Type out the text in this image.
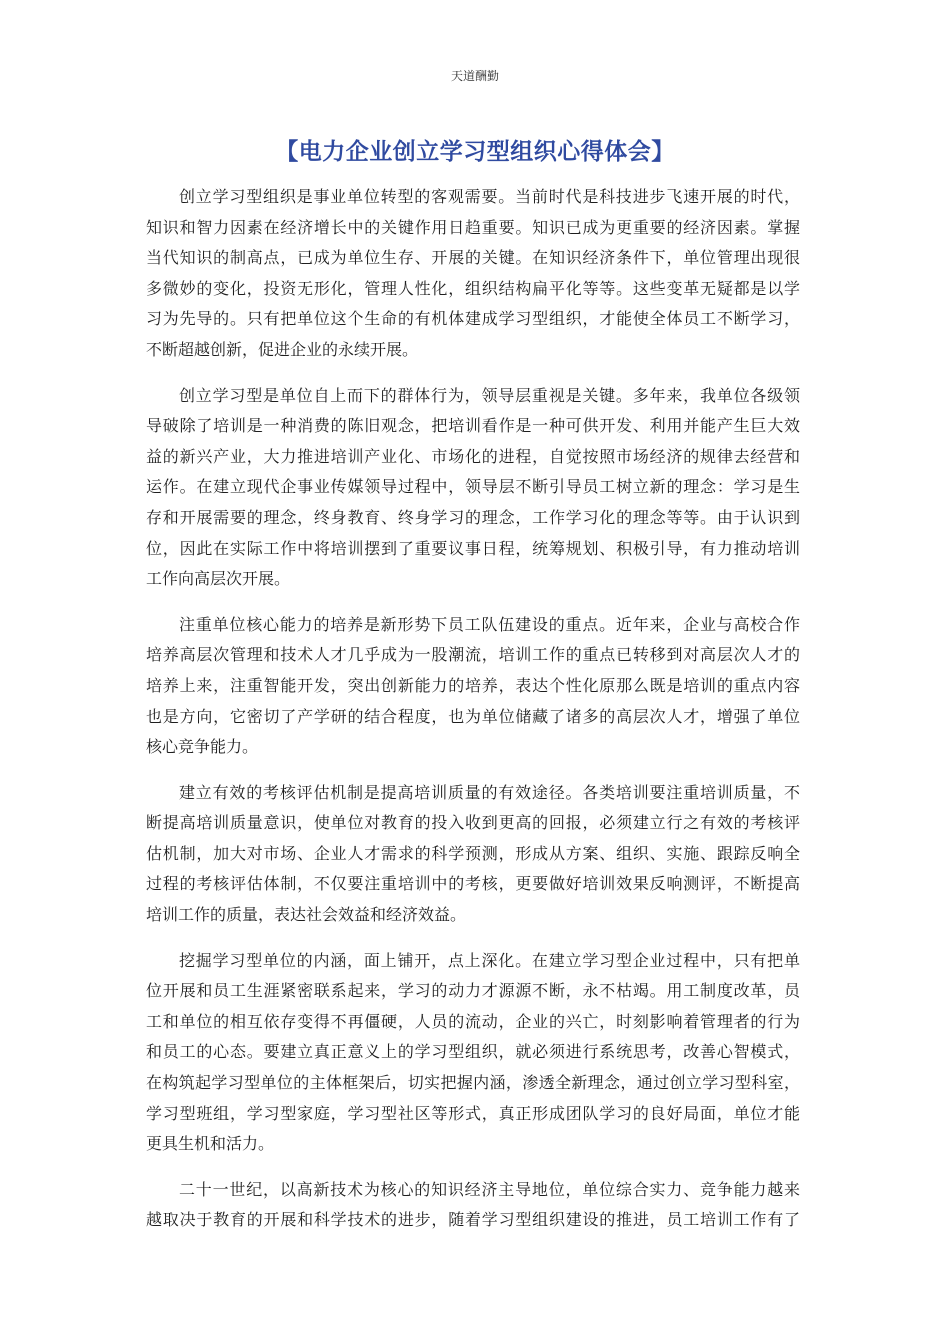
天道酬勤
【电力企业创立学习型组织心得体会】
创立学习型组织是事业单位转型的客观需要。当前时代是科技进步飞速开展的时代，
知识和智力因素在经济增长中的关键作用日趋重要。知识已成为更重要的经济因素。掌握
当代知识的制高点，已成为单位生存、开展的关键。在知识经济条件下，单位管理出现很
多微妙的变化，投资无形化，管理人性化，组织结构扁平化等等。这些变革无疑都是以学
习为先导的。只有把单位这个生命的有机体建成学习型组织，才能使全体员工不断学习，
不断超越创新，促进企业的永续开展。
创立学习型是单位自上而下的群体行为，领导层重视是关键。多年来，我单位各级领
导破除了培训是一种消费的陈旧观念，把培训看作是一种可供开发、利用并能产生巨大效
益的新兴产业，大力推进培训产业化、市场化的进程，自觉按照市场经济的规律去经营和
运作。在建立现代企事业传媒领导过程中，领导层不断引导员工树立新的理念：学习是生
存和开展需要的理念，终身教育、终身学习的理念，工作学习化的理念等等。由于认识到
位，因此在实际工作中将培训摆到了重要议事日程，统筹规划、积极引导，有力推动培训
工作向高层次开展。
注重单位核心能力的培养是新形势下员工队伍建设的重点。近年来，企业与高校合作
培养高层次管理和技术人才几乎成为一股潮流，培训工作的重点已转移到对高层次人才的
培养上来，注重智能开发，突出创新能力的培养，表达个性化原那么既是培训的重点内容
也是方向，它密切了产学研的结合程度，也为单位储藏了诸多的高层次人才，增强了单位
核心竞争能力。
建立有效的考核评估机制是提高培训质量的有效途径。各类培训要注重培训质量，不
断提高培训质量意识，使单位对教育的投入收到更高的回报，必须建立行之有效的考核评
估机制，加大对市场、企业人才需求的科学预测，形成从方案、组织、实施、跟踪反响全
过程的考核评估体制，不仅要注重培训中的考核，更要做好培训效果反响测评，不断提高
培训工作的质量，表达社会效益和经济效益。
挖掘学习型单位的内涵，面上铺开，点上深化。在建立学习型企业过程中，只有把单
位开展和员工生涯紧密联系起来，学习的动力才源源不断，永不枯竭。用工制度改革，员
工和单位的相互依存变得不再僵硬，人员的流动，企业的兴亡，时刻影响着管理者的行为
和员工的心态。要建立真正意义上的学习型组织，就必须进行系统思考，改善心智模式，
在构筑起学习型单位的主体框架后，切实把握内涵，渗透全新理念，通过创立学习型科室，
学习型班组，学习型家庭，学习型社区等形式，真正形成团队学习的良好局面，单位才能
更具生机和活力。
二十一世纪，以高新技术为核心的知识经济主导地位，单位综合实力、竞争能力越来
越取决于教育的开展和科学技术的进步，随着学习型组织建设的推进，员工培训工作有了
